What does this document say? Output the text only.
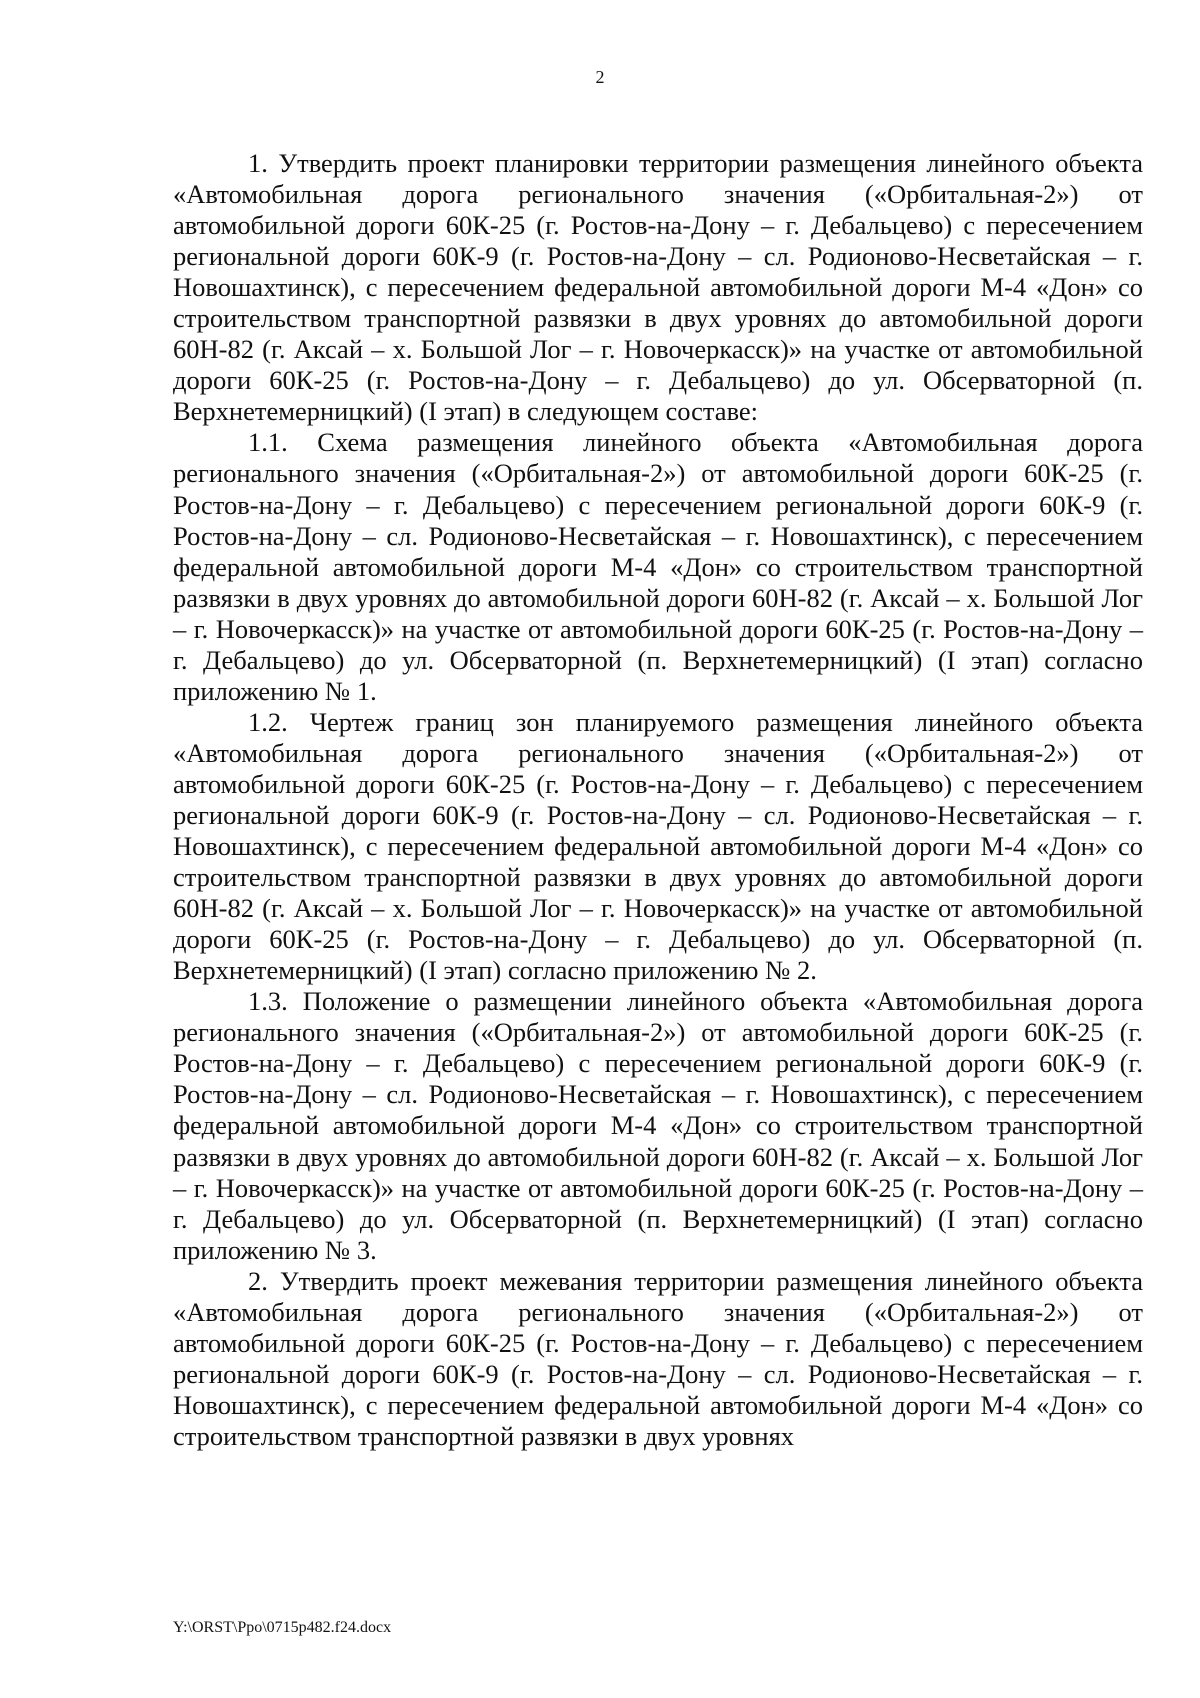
2

1. Утвердить проект планировки территории размещения линейного объекта «Автомобильная дорога регионального значения («Орбитальная-2») от автомобильной дороги 60К-25 (г. Ростов-на-Дону – г. Дебальцево) с пересечением региональной дороги 60К-9 (г. Ростов-на-Дону – сл. Родионово-Несветайская – г. Новошахтинск), с пересечением федеральной автомобильной дороги М-4 «Дон» со строительством транспортной развязки в двух уровнях до автомобильной дороги 60Н-82 (г. Аксай – х. Большой Лог – г. Новочеркасск)» на участке от автомобильной дороги 60К-25 (г. Ростов-на-Дону – г. Дебальцево) до ул. Обсерваторной (п. Верхнетемерницкий) (I этап) в следующем составе:

1.1. Схема размещения линейного объекта «Автомобильная дорога регионального значения («Орбитальная-2») от автомобильной дороги 60К-25 (г. Ростов-на-Дону – г. Дебальцево) с пересечением региональной дороги 60К-9 (г. Ростов-на-Дону – сл. Родионово-Несветайская – г. Новошахтинск), с пересечением федеральной автомобильной дороги М-4 «Дон» со строительством транспортной развязки в двух уровнях до автомобильной дороги 60Н-82 (г. Аксай – х. Большой Лог – г. Новочеркасск)» на участке от автомобильной дороги 60К-25 (г. Ростов-на-Дону – г. Дебальцево) до ул. Обсерваторной (п. Верхнетемерницкий) (I этап) согласно приложению № 1.

1.2. Чертеж границ зон планируемого размещения линейного объекта «Автомобильная дорога регионального значения («Орбитальная-2») от автомобильной дороги 60К-25 (г. Ростов-на-Дону – г. Дебальцево) с пересечением региональной дороги 60К-9 (г. Ростов-на-Дону – сл. Родионово-Несветайская – г. Новошахтинск), с пересечением федеральной автомобильной дороги М-4 «Дон» со строительством транспортной развязки в двух уровнях до автомобильной дороги 60Н-82 (г. Аксай – х. Большой Лог – г. Новочеркасск)» на участке от автомобильной дороги 60К-25 (г. Ростов-на-Дону – г. Дебальцево) до ул. Обсерваторной (п. Верхнетемерницкий) (I этап) согласно приложению № 2.

1.3. Положение о размещении линейного объекта «Автомобильная дорога регионального значения («Орбитальная-2») от автомобильной дороги 60К-25 (г. Ростов-на-Дону – г. Дебальцево) с пересечением региональной дороги 60К-9 (г. Ростов-на-Дону – сл. Родионово-Несветайская – г. Новошахтинск), с пересечением федеральной автомобильной дороги М-4 «Дон» со строительством транспортной развязки в двух уровнях до автомобильной дороги 60Н-82 (г. Аксай – х. Большой Лог – г. Новочеркасск)» на участке от автомобильной дороги 60К-25 (г. Ростов-на-Дону – г. Дебальцево) до ул. Обсерваторной (п. Верхнетемерницкий) (I этап) согласно приложению № 3.

2. Утвердить проект межевания территории размещения линейного объекта «Автомобильная дорога регионального значения («Орбитальная-2») от автомобильной дороги 60К-25 (г. Ростов-на-Дону – г. Дебальцево) с пересечением региональной дороги 60К-9 (г. Ростов-на-Дону – сл. Родионово-Несветайская – г. Новошахтинск), с пересечением федеральной автомобильной дороги М-4 «Дон» со строительством транспортной развязки в двух уровнях

Y:\ORST\Ppo\0715p482.f24.docx
